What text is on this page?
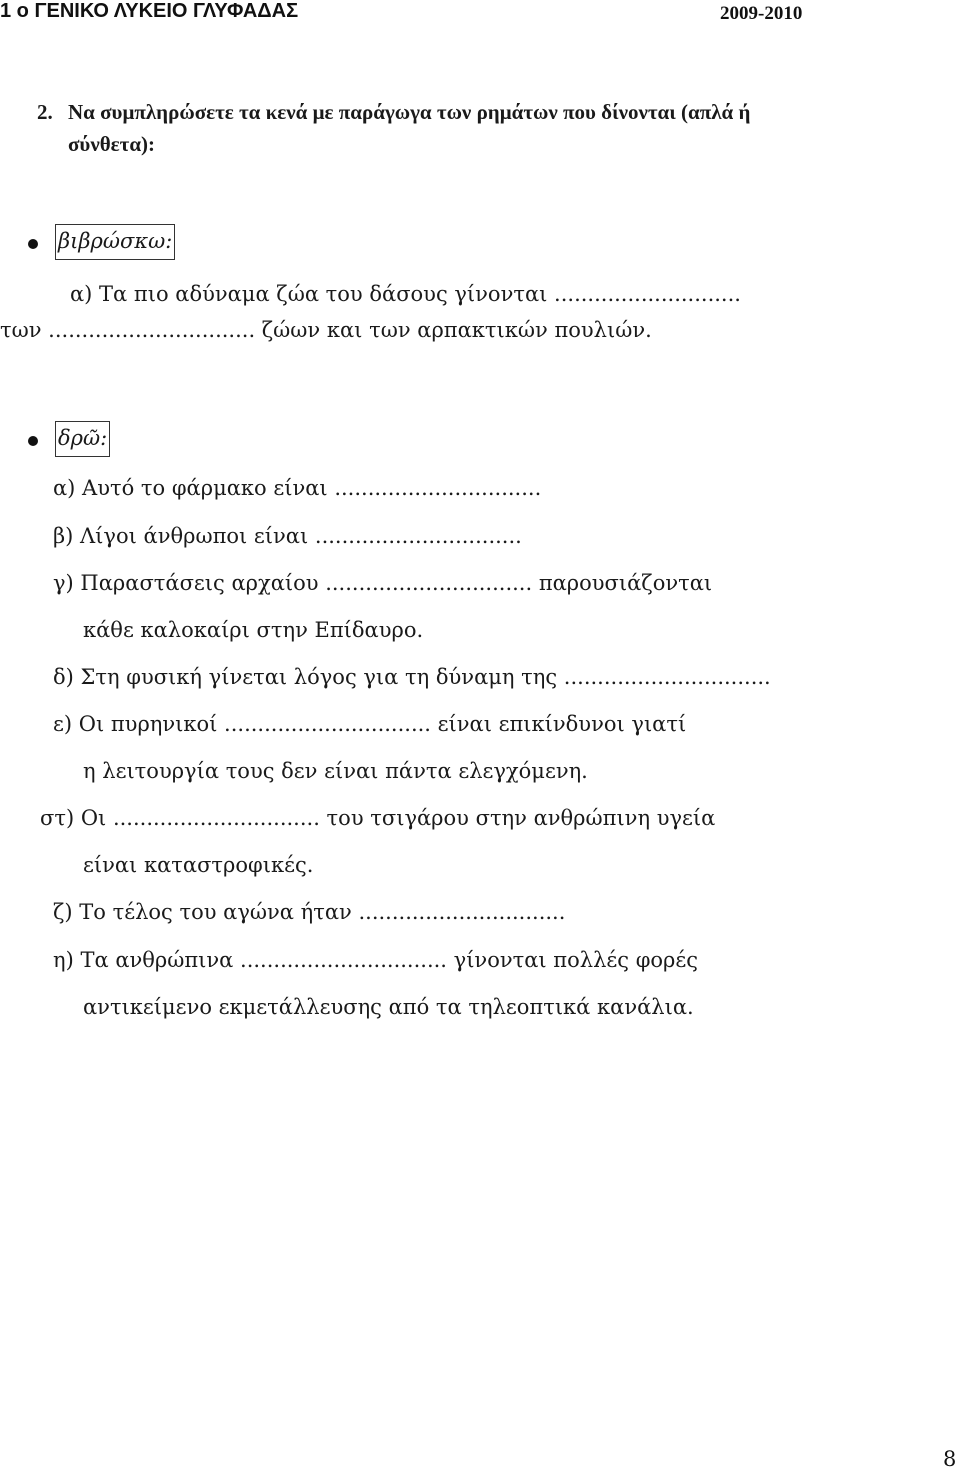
1 ο ΓΕΝΙΚΟ ΛΥΚΕΙΟ ΓΛΥΦΑΔΑΣ	2009-2010
2. Να συμπληρώσετε τα κενά με παράγωγα των ρημάτων που δίνονται (απλά ή
σύνθετα):
βιβρώσκω:
α) Τα πιο αδύναμα ζώα του δάσους γίνονται ............................
των ............................... ζώων και των αρπακτικών πουλιών.
δρῶ:
α) Αυτό το φάρμακο είναι ...............................
β) Λίγοι άνθρωποι είναι ...............................
γ) Παραστάσεις αρχαίου ............................... παρουσιάζονται
κάθε καλοκαίρι στην Επίδαυρο.
δ) Στη φυσική γίνεται λόγος για τη δύναμη της ...............................
ε) Οι πυρηνικοί ............................... είναι επικίνδυνοι γιατί
η λειτουργία τους δεν είναι πάντα ελεγχόμενη.
στ) Οι ............................... του τσιγάρου στην ανθρώπινη υγεία
είναι καταστροφικές.
ζ) Το τέλος του αγώνα ήταν ...............................
η) Τα ανθρώπινα ............................... γίνονται πολλές φορές
αντικείμενο εκμετάλλευσης από τα τηλεοπτικά κανάλια.
8
